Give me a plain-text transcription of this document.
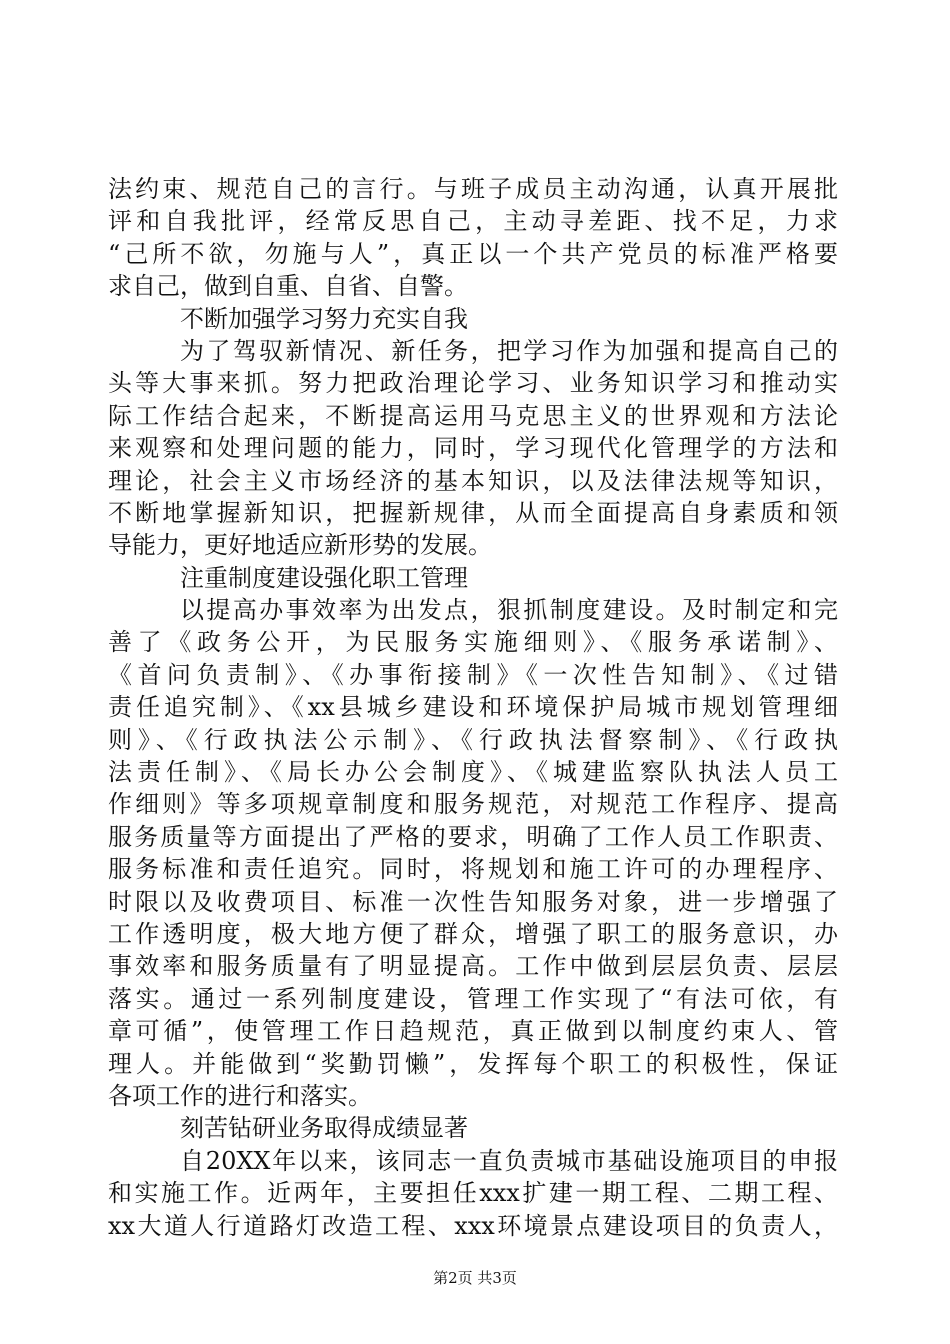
法约束、规范自己的言行。与班子成员主动沟通，认真开展批
评和自我批评，经常反思自己，主动寻差距、找不足，力求
“己所不欲，勿施与人”，真正以一个共产党员的标准严格要
求自己，做到自重、自省、自警。
不断加强学习努力充实自我
为了驾驭新情况、新任务，把学习作为加强和提高自己的
头等大事来抓。努力把政治理论学习、业务知识学习和推动实
际工作结合起来，不断提高运用马克思主义的世界观和方法论
来观察和处理问题的能力，同时，学习现代化管理学的方法和
理论，社会主义市场经济的基本知识，以及法律法规等知识，
不断地掌握新知识，把握新规律，从而全面提高自身素质和领
导能力，更好地适应新形势的发展。
注重制度建设强化职工管理
以提高办事效率为出发点，狠抓制度建设。及时制定和完
善了《政务公开，为民服务实施细则》、《服务承诺制》、
《首问负责制》、《办事衔接制》《一次性告知制》、《过错
责任追究制》、《xx县城乡建设和环境保护局城市规划管理细
则》、《行政执法公示制》、《行政执法督察制》、《行政执
法责任制》、《局长办公会制度》、《城建监察队执法人员工
作细则》等多项规章制度和服务规范，对规范工作程序、提高
服务质量等方面提出了严格的要求，明确了工作人员工作职责、
服务标准和责任追究。同时，将规划和施工许可的办理程序、
时限以及收费项目、标准一次性告知服务对象，进一步增强了
工作透明度，极大地方便了群众，增强了职工的服务意识，办
事效率和服务质量有了明显提高。工作中做到层层负责、层层
落实。通过一系列制度建设，管理工作实现了“有法可依，有
章可循”，使管理工作日趋规范，真正做到以制度约束人、管
理人。并能做到“奖勤罚懒”，发挥每个职工的积极性，保证
各项工作的进行和落实。
刻苦钻研业务取得成绩显著
自20XX年以来，该同志一直负责城市基础设施项目的申报
和实施工作。近两年，主要担任xxx扩建一期工程、二期工程、
xx大道人行道路灯改造工程、xxx环境景点建设项目的负责人，
第2页 共3页
